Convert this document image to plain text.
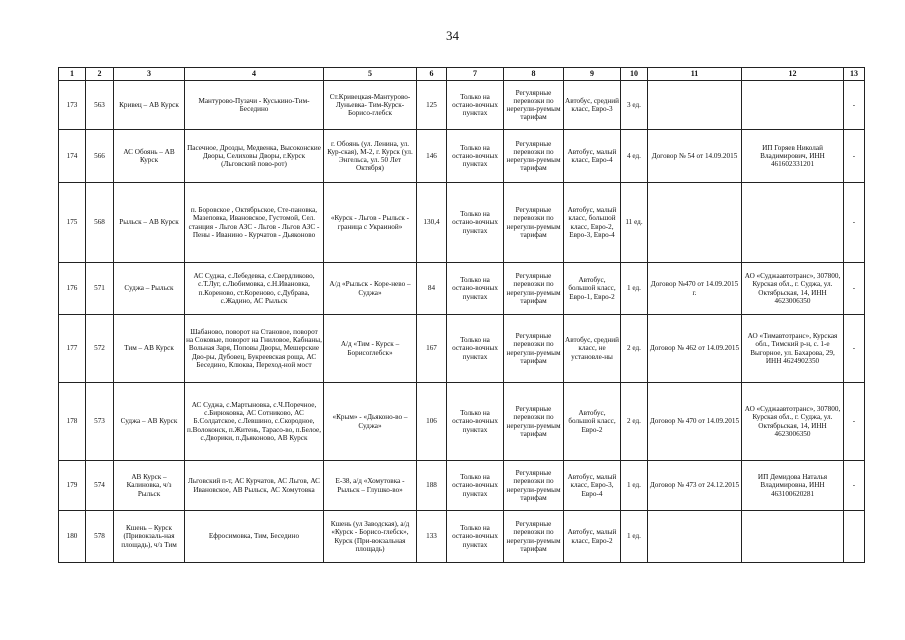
34
1	2	3	4	5	6	7	8	9	10	11	12	13
173	563	Кривец – АВ Курск	Мантурово-Пузачи - Куськино-Тим-Беседино	Ст.Кривецкая-Мантурово-Луньевка- Тим-Курск- Борисо-глебск	125	Только на остано-вочных пунктах	Регулярные перевозки по нерегули-руемым тарифам	Автобус, средний класс, Евро-3	3 ед.			-
174	566	АС Обоянь – АВ Курск	Пасечное, Дрозды, Медвенка, Высоконские Дворы, Селиховы Дворы, г.Курск (Льговский пово-рот)	г. Обоянь (ул. Ленина, ул. Кур-ская), М-2, г. Курск (ул. Энгельса, ул. 50 Лет Октября)	146	Только на остано-вочных пунктах	Регулярные перевозки по нерегули-руемым тарифам	Автобус, малый класс, Евро-4	4 ед.	Договор № 54 от 14.09.2015	ИП Горяев Николай Владимирович, ИНН 461602331201	-
175	568	Рыльск – АВ Курск	п. Боровское , Октябрьское, Сте-пановка, Мазеповка, Ивановское, Густомой, Сел. станция - Льгов АЗС - Льгов - Льгов АЗС - Пены - Иванино - Курчатов - Дьяконово	«Курск - Льгов - Рыльск - граница с Украиной»	130,4	Только на остано-вочных пунктах	Регулярные перевозки по нерегули-руемым тарифам	Автобус, малый класс, большой класс, Евро-2, Евро-3, Евро-4	11 ед.			-
176	571	Суджа – Рыльск	АС Суджа, с.Лебедевка, с.Свердликово, с.Т.Луг, с.Любимовка, с.Н.Ивановка, п.Кореново, ст.Кореново, с.Дубрава, с.Жадино, АС Рыльск	А/д «Рыльск - Коре-нево – Суджа»	84	Только на остано-вочных пунктах	Регулярные перевозки по нерегули-руемым тарифам	Автобус, большой класс, Евро-1, Евро-2	1 ед.	Договор №470 от 14.09.2015 г.	АО «Суджаавтотранс», 307800, Курская обл., г. Суджа, ул. Октябрьская, 14, ИНН 4623006350	-
177	572	Тим – АВ Курск	Шабаново, поворот на Становое, поворот на Соковые, поворот на Гниловое, Кабнаны, Вольная Заря, Поповы Дворы, Мешерские Дво-ры, Дубовец, Букреевская роща, АС Беседино, Клюква, Переход-ной мост	А/д «Тим - Курск – Борисоглебск»	167	Только на остано-вочных пунктах	Регулярные перевозки по нерегули-руемым тарифам	Автобус, средний класс, не установле-ны	2 ед.	Договор № 462 от 14.09.2015	АО «Тимавтотранс», Курская обл., Тимский р-н, с. 1-е Выгорное, ул. Бахарова, 29, ИНН 4624902350	-
178	573	Суджа – АВ Курск	АС Суджа, с.Мартыновка, с.Ч.Поречное, с.Бирюковка, АС Сотниково, АС Б.Солдатское, с.Левшино, с.Скородное, п.Волоконск, п.Житень, Тарасо-во, п.Белое, с.Дворики, п.Дьяконово, АВ Курск	«Крым» - «Дьяконо-во – Суджа»	106	Только на остано-вочных пунктах	Регулярные перевозки по нерегули-руемым тарифам	Автобус, большой класс, Евро-2	2 ед.	Договор № 470 от 14.09.2015	АО «Суджаавтотранс», 307800, Курская обл., г. Суджа, ул. Октябрьская, 14, ИНН 4623006350	-
179	574	АВ Курск – Калиновка, ч/з Рыльск	Льговский п-т, АС Курчатов, АС Льгов, АС Ивановское, АВ Рыльск, АС Хомутовка	Е-38, а/д «Хомутовка - Рыльск – Глушко-во»	188	Только на остано-вочных пунктах	Регулярные перевозки по нерегули-руемым тарифам	Автобус, малый класс, Евро-3, Евро-4	1 ед.	Договор № 473 от 24.12.2015	ИП Демидова Наталья Владимировна, ИНН 463100620281	-
180	578	Кшень – Курск (Привокзаль-ная площадь), ч/з Тим	Ефросимовка, Тим, Беседино	Кшень (ул Заводская), а/д «Курск - Борисо-глебск», Курск (При-вокзальная площадь)	133	Только на остано-вочных пунктах	Регулярные перевозки по нерегули-руемым тарифам	Автобус, малый класс, Евро-2	1 ед.			
